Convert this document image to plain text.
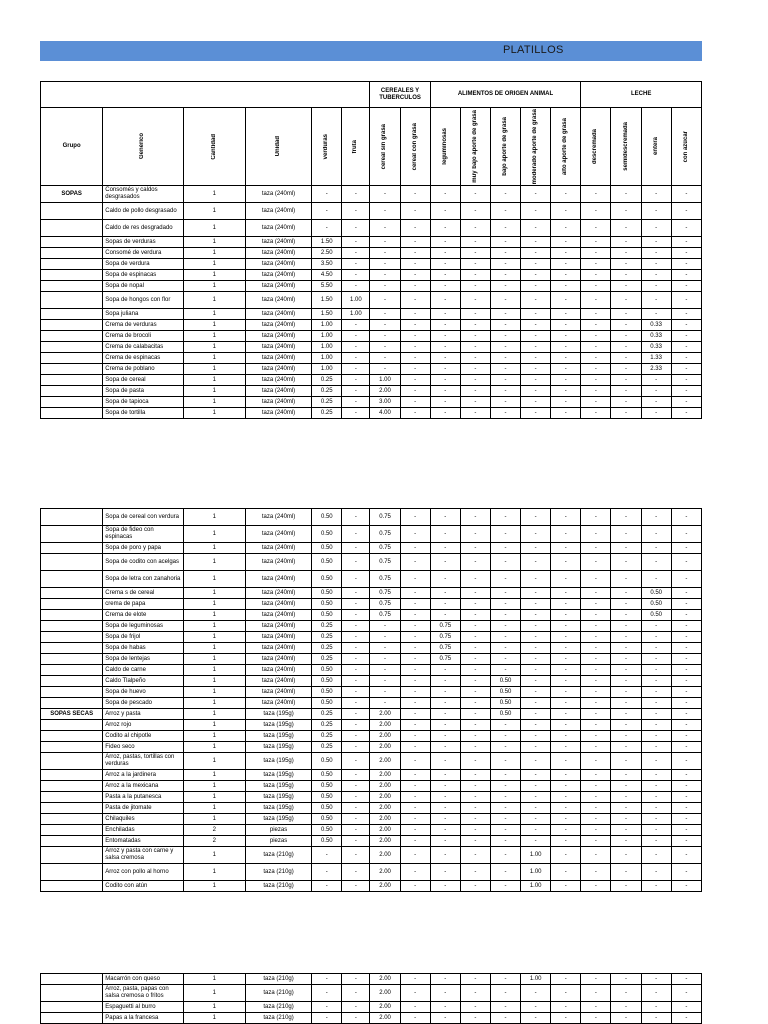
PLATILLOS
						CEREALES Y TUBERCULOS		ALIMENTOS DE ORIGEN ANIMAL					LECHE			
Grupo	Genérico	Cantidad	Unidad	verduras	fruta	cereal sin grasa	cereal con grasa	leguminosas	muy bajo aporte de grasa	bajo aporte de grasa	moderado aporte de grasa	alto aporte de grasa	descremada	semidescremada	entera	con azúcar

SOPAS	Consomés y caldos desgrasados	1	taza (240ml)	-	-	-	-	-	-	-	-	-	-	-	-	-
	Caldo de pollo desgrasado	1	taza (240ml)	-	-	-	-	-	-	-	-	-	-	-	-	-
	Caldo de res desgradado	1	taza (240ml)	-	-	-	-	-	-	-	-	-	-	-	-	-
	Sopas de verduras	1	taza (240ml)	1.50	-	-	-	-	-	-	-	-	-	-	-	-
	Consomé de verdura	1	taza (240ml)	2.50	-	-	-	-	-	-	-	-	-	-	-	-
	Sopa de verdura	1	taza (240ml)	3.50	-	-	-	-	-	-	-	-	-	-	-	-
	Sopa de espinacas	1	taza (240ml)	4.50	-	-	-	-	-	-	-	-	-	-	-	-
	Sopa de nopal	1	taza (240ml)	5.50	-	-	-	-	-	-	-	-	-	-	-	-
	Sopa de hongos con flor	1	taza (240ml)	1.50	1.00	-	-	-	-	-	-	-	-	-	-	-
	Sopa juliana	1	taza (240ml)	1.50	1.00	-	-	-	-	-	-	-	-	-	-	-
	Crema de verduras	1	taza (240ml)	1.00	-	-	-	-	-	-	-	-	-	-	0.33	-
	Crema de brocoli	1	taza (240ml)	1.00	-	-	-	-	-	-	-	-	-	-	0.33	-
	Crema de calabacitas	1	taza (240ml)	1.00	-	-	-	-	-	-	-	-	-	-	0.33	-
	Crema de espinacas	1	taza (240ml)	1.00	-	-	-	-	-	-	-	-	-	-	1.33	-
	Crema de poblano	1	taza (240ml)	1.00	-	-	-	-	-	-	-	-	-	-	2.33	-
	Sopa de cereal	1	taza (240ml)	0.25	-	1.00	-	-	-	-	-	-	-	-	-	-
	Sopa de pasta	1	taza (240ml)	0.25	-	2.00	-	-	-	-	-	-	-	-	-	-
	Sopa de tapioca	1	taza (240ml)	0.25	-	3.00	-	-	-	-	-	-	-	-	-	-
	Sopa de tortilla	1	taza (240ml)	0.25	-	4.00	-	-	-	-	-	-	-	-	-	-
	Sopa de cereal con verdura	1	taza (240ml)	0.50	-	0.75	-	-	-	-	-	-	-	-	-	-
	Sopa de fideo con espinacas	1	taza (240ml)	0.50	-	0.75	-	-	-	-	-	-	-	-	-	-
	Sopa de poro y papa	1	taza (240ml)	0.50	-	0.75	-	-	-	-	-	-	-	-	-	-
	Sopa de codito con acelgas	1	taza (240ml)	0.50	-	0.75	-	-	-	-	-	-	-	-	-	-
	Sopa de letra con zanahoria	1	taza (240ml)	0.50	-	0.75	-	-	-	-	-	-	-	-	-	-
	Crema s de cereal	1	taza (240ml)	0.50	-	0.75	-	-	-	-	-	-	-	-	0.50	-
	crema de papa	1	taza (240ml)	0.50	-	0.75	-	-	-	-	-	-	-	-	0.50	-
	Crema de elote	1	taza (240ml)	0.50	-	0.75	-	-	-	-	-	-	-	-	0.50	-
	Sopa de leguminosas	1	taza (240ml)	0.25	-	-	-	0.75	-	-	-	-	-	-	-	-
	Sopa de frijol	1	taza (240ml)	0.25	-	-	-	0.75	-	-	-	-	-	-	-	-
	Sopa de habas	1	taza (240ml)	0.25	-	-	-	0.75	-	-	-	-	-	-	-	-
	Sopa de lentejas	1	taza (240ml)	0.25	-	-	-	0.75	-	-	-	-	-	-	-	-
	Caldo de carne	1	taza (240ml)	0.50	-	-	-	-	-	-	-	-	-	-	-	-
	Caldo Tlalpeño	1	taza (240ml)	0.50	-	-	-	-	-	0.50	-	-	-	-	-	-
	Sopa de huevo	1	taza (240ml)	0.50	-	-	-	-	-	0.50	-	-	-	-	-	-
	Sopa de pescado	1	taza (240ml)	0.50	-	-	-	-	-	0.50	-	-	-	-	-	-
SOPAS SECAS	Arroz y pasta	1	taza (195g)	0.25	-	2.00	-	-	-	0.50	-	-	-	-	-	-
	Arroz rojo	1	taza (195g)	0.25	-	2.00	-	-	-	-	-	-	-	-	-	-
	Codito al chipotle	1	taza (195g)	0.25	-	2.00	-	-	-	-	-	-	-	-	-	-
	Fideo seco	1	taza (195g)	0.25	-	2.00	-	-	-	-	-	-	-	-	-	-
	Arroz, pastas, tortillas con verduras	1	taza (195g)	0.50	-	2.00	-	-	-	-	-	-	-	-	-	-
	Arroz a la jardinera	1	taza (195g)	0.50	-	2.00	-	-	-	-	-	-	-	-	-	-
	Arroz a la mexicana	1	taza (195g)	0.50	-	2.00	-	-	-	-	-	-	-	-	-	-
	Pasta a la putanesca	1	taza (195g)	0.50	-	2.00	-	-	-	-	-	-	-	-	-	-
	Pasta de jitomate	1	taza (195g)	0.50	-	2.00	-	-	-	-	-	-	-	-	-	-
	Chilaquiles	1	taza (195g)	0.50	-	2.00	-	-	-	-	-	-	-	-	-	-
	Enchiladas	2	piezas	0.50	-	2.00	-	-	-	-	-	-	-	-	-	-
	Entomatadas	2	piezas	0.50	-	2.00	-	-	-	-	-	-	-	-	-	-
	Arroz y pasta con carne y salsa cremosa	1	taza (210g)	-	-	2.00	-	-	-	-	1.00	-	-	-	-	-
	Arroz con pollo al horno	1	taza (210g)	-	-	2.00	-	-	-	-	1.00	-	-	-	-	-
	Codito con atún	1	taza (210g)	-	-	2.00	-	-	-	-	1.00	-	-	-	-	-
	Macarrón con queso	1	taza (210g)	-	-	2.00	-	-	-	-	1.00	-	-	-	-	-
	Arroz, pasta, papas con salsa cremosa o fritos	1	taza (210g)	-	-	2.00	-	-	-	-	-	-	-	-	-	-
	Espaguetti al burro	1	taza (210g)	-	-	2.00	-	-	-	-	-	-	-	-	-	-
	Papas a la francesa	1	taza (210g)	-	-	2.00	-	-	-	-	-	-	-	-	-	-
